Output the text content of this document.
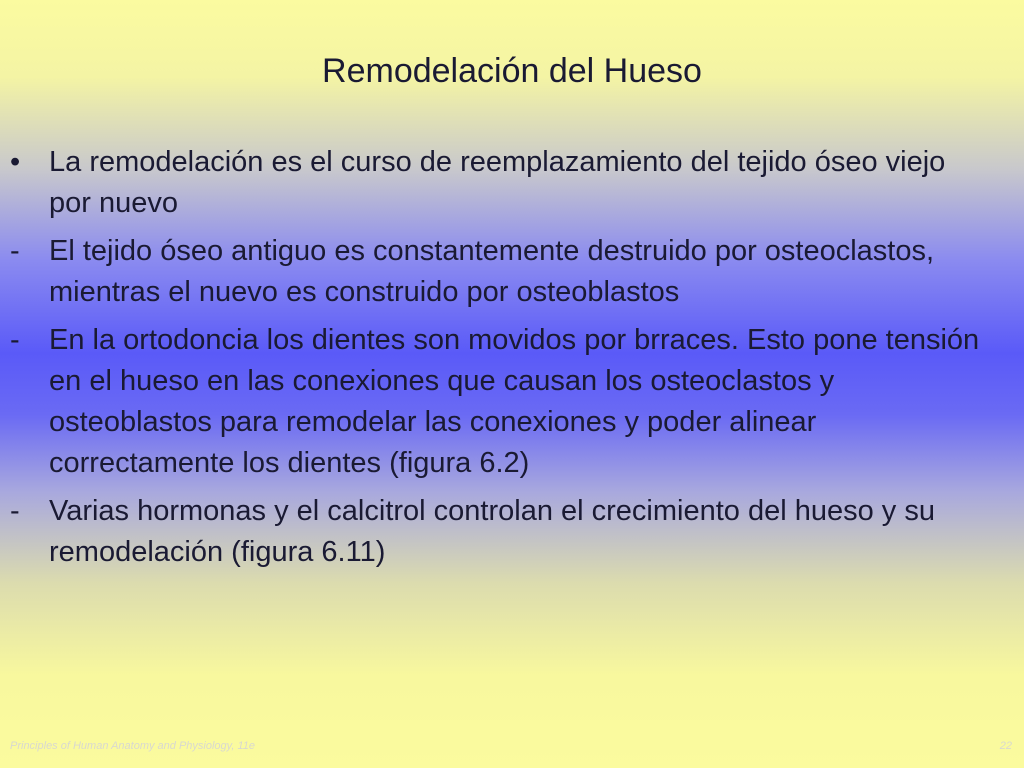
Remodelación del Hueso
• La remodelación es el curso de reemplazamiento del tejido óseo viejo por nuevo
-	El tejido óseo antiguo es constantemente destruido por osteoclastos,      mientras el nuevo es construido por osteoblastos
-	En la ortodoncia los dientes son movidos por brraces. Esto pone tensión en el hueso en las conexiones que causan los osteoclastos y osteoblastos para remodelar las conexiones y poder alinear correctamente los dientes (figura 6.2)
-	Varias hormonas y el calcitrol controlan el crecimiento del hueso y su remodelación (figura 6.11)
Principles of Human Anatomy and Physiology, 11e	22
